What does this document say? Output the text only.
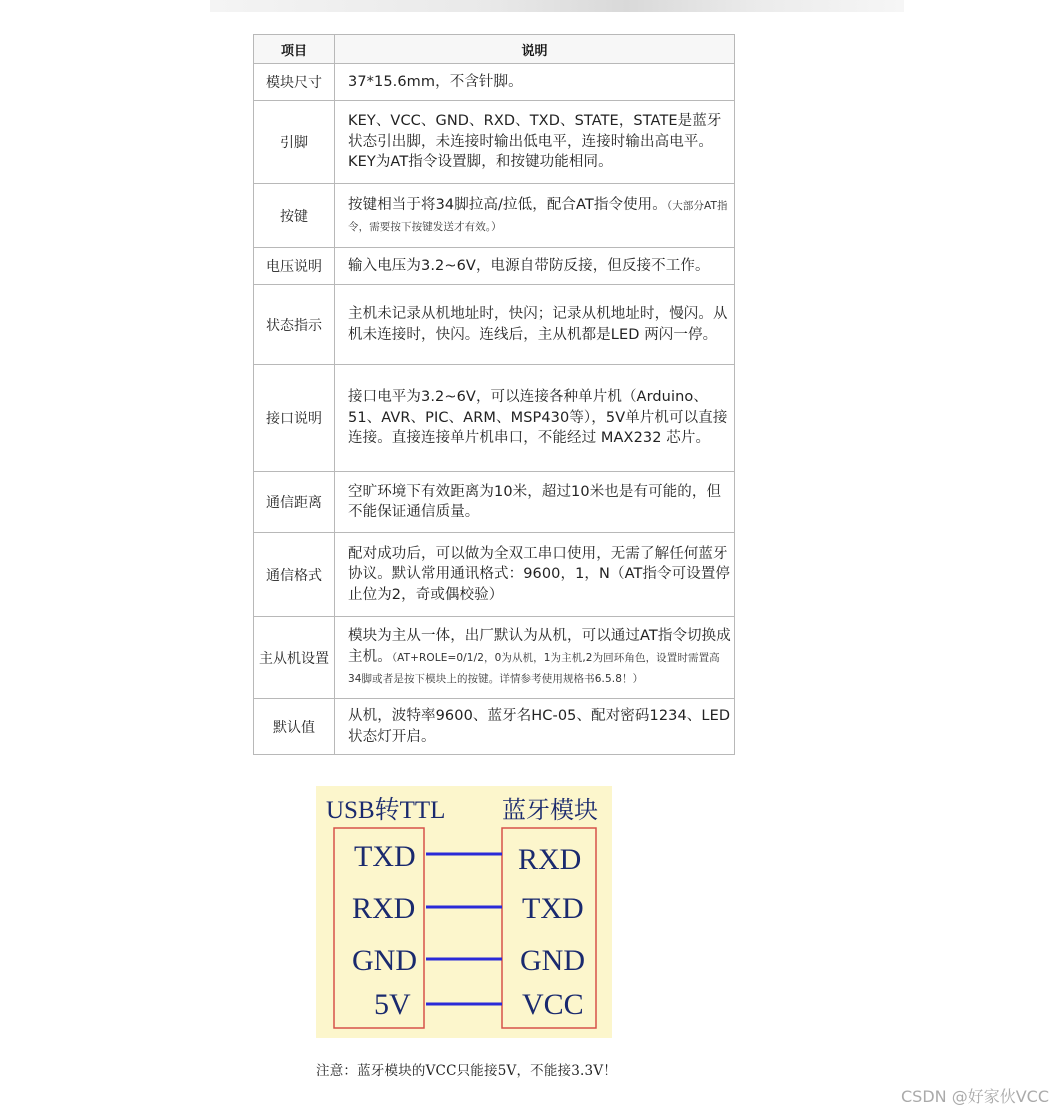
项目	说明
模块尺寸	37*15.6mm，不含针脚。
引脚	KEY、VCC、GND、RXD、TXD、STATE，STATE是蓝牙状态引出脚，未连接时输出低电平，连接时输出高电平。KEY为AT指令设置脚，和按键功能相同。
按键	按键相当于将34脚拉高/拉低，配合AT指令使用。（大部分AT指令，需要按下按键发送才有效。）
电压说明	输入电压为3.2~6V，电源自带防反接，但反接不工作。
状态指示	主机未记录从机地址时，快闪；记录从机地址时，慢闪。从机未连接时，快闪。连线后，主从机都是LED 两闪一停。
接口说明	接口电平为3.2~6V，可以连接各种单片机（Arduino、51、AVR、PIC、ARM、MSP430等），5V单片机可以直接连接。直接连接单片机串口，不能经过 MAX232 芯片。
通信距离	空旷环境下有效距离为10米，超过10米也是有可能的，但不能保证通信质量。
通信格式	配对成功后，可以做为全双工串口使用，无需了解任何蓝牙协议。默认常用通讯格式：9600，1，N（AT指令可设置停止位为2，奇或偶校验）
主从机设置	模块为主从一体，出厂默认为从机，可以通过AT指令切换成主机。（AT+ROLE=0/1/2，0为从机，1为主机,2为回环角色，设置时需置高34脚或者是按下模块上的按键。详情参考使用规格书6.5.8！）
默认值	从机，波特率9600、蓝牙名HC-05、配对密码1234、LED状态灯开启。
USB转TTL 蓝牙模块
TXD
RXD
GND
5V
RXD
TXD
GND
VCC
注意：蓝牙模块的VCC只能接5V，不能接3.3V！
CSDN @好家伙VCC
